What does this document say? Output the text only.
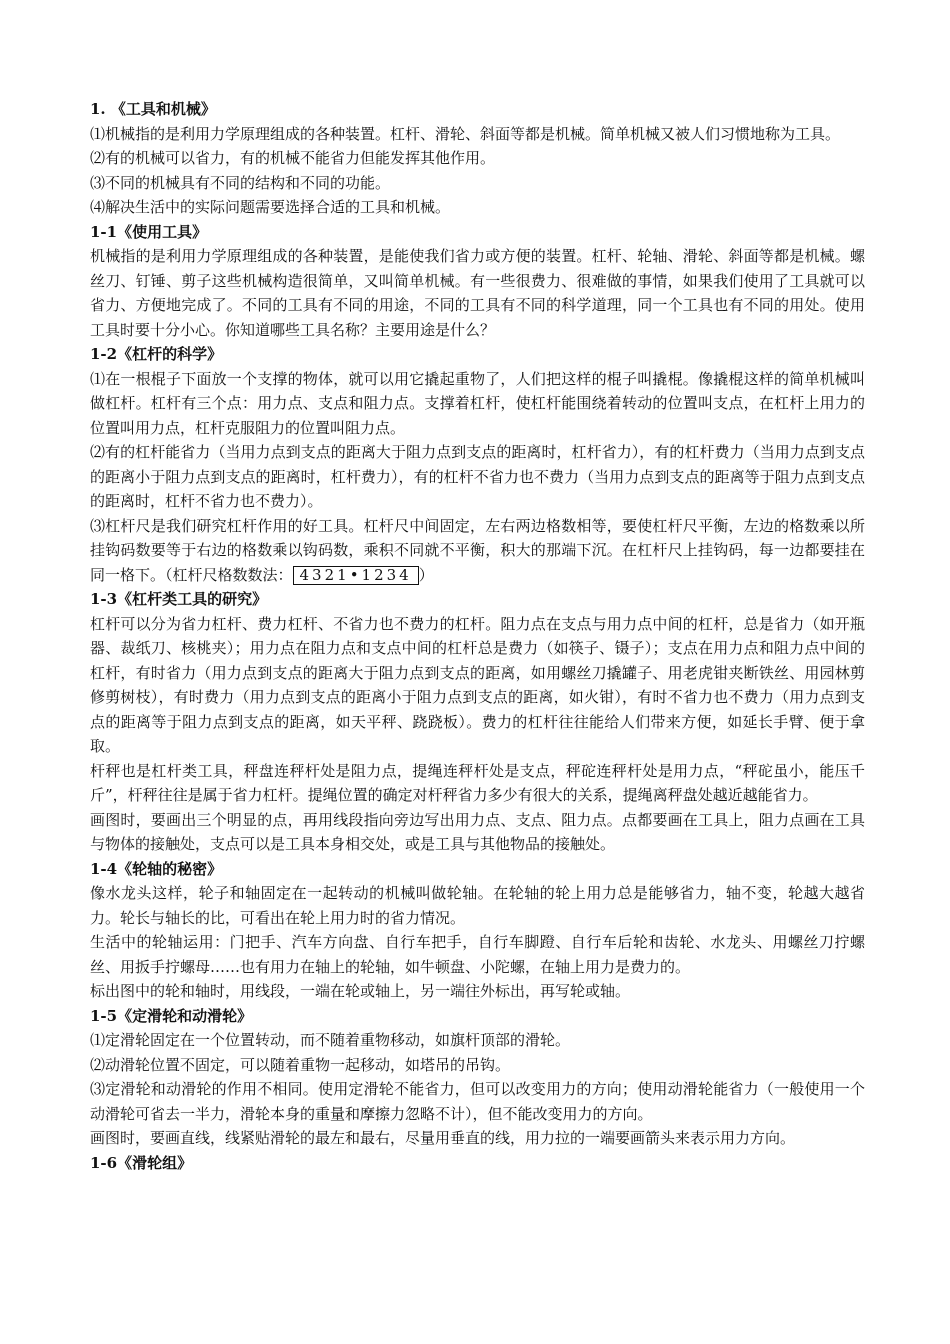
1. 《工具和机械》

⑴机械指的是利用力学原理组成的各种装置。杠杆、滑轮、斜面等都是机械。简单机械又被人们习惯地称为工具。

⑵有的机械可以省力，有的机械不能省力但能发挥其他作用。

⑶不同的机械具有不同的结构和不同的功能。

⑷解决生活中的实际问题需要选择合适的工具和机械。

1-1《使用工具》

机械指的是利用力学原理组成的各种装置，是能使我们省力或方便的装置。杠杆、轮轴、滑轮、斜面等都是机械。螺丝刀、钉锤、剪子这些机械构造很简单，又叫简单机械。有一些很费力、很难做的事情，如果我们使用了工具就可以省力、方便地完成了。不同的工具有不同的用途，不同的工具有不同的科学道理，同一个工具也有不同的用处。使用工具时要十分小心。你知道哪些工具名称？主要用途是什么？

1-2《杠杆的科学》

⑴在一根棍子下面放一个支撑的物体，就可以用它撬起重物了，人们把这样的棍子叫撬棍。像撬棍这样的简单机械叫做杠杆。杠杆有三个点：用力点、支点和阻力点。支撑着杠杆，使杠杆能围绕着转动的位置叫支点，在杠杆上用力的位置叫用力点，杠杆克服阻力的位置叫阻力点。

⑵有的杠杆能省力（当用力点到支点的距离大于阻力点到支点的距离时，杠杆省力），有的杠杆费力（当用力点到支点的距离小于阻力点到支点的距离时，杠杆费力），有的杠杆不省力也不费力（当用力点到支点的距离等于阻力点到支点的距离时，杠杆不省力也不费力）。

⑶杠杆尺是我们研究杠杆作用的好工具。杠杆尺中间固定，左右两边格数相等，要使杠杆尺平衡，左边的格数乘以所挂钩码数要等于右边的格数乘以钩码数，乘积不同就不平衡，积大的那端下沉。在杠杆尺上挂钩码，每一边都要挂在同一格下。（杠杆尺格数数法： 4321•1234 ）

1-3《杠杆类工具的研究》

杠杆可以分为省力杠杆、费力杠杆、不省力也不费力的杠杆。阻力点在支点与用力点中间的杠杆，总是省力（如开瓶器、裁纸刀、核桃夹）；用力点在阻力点和支点中间的杠杆总是费力（如筷子、镊子）；支点在用力点和阻力点中间的杠杆，有时省力（用力点到支点的距离大于阻力点到支点的距离，如用螺丝刀撬罐子、用老虎钳夹断铁丝、用园林剪修剪树枝），有时费力（用力点到支点的距离小于阻力点到支点的距离，如火钳），有时不省力也不费力（用力点到支点的距离等于阻力点到支点的距离，如天平秤、跷跷板）。费力的杠杆往往能给人们带来方便，如延长手臂、便于拿取。

杆秤也是杠杆类工具，秤盘连秤杆处是阻力点，提绳连秤杆处是支点，秤砣连秤杆处是用力点，“秤砣虽小，能压千斤”，杆秤往往是属于省力杠杆。提绳位置的确定对杆秤省力多少有很大的关系，提绳离秤盘处越近越能省力。

画图时，要画出三个明显的点，再用线段指向旁边写出用力点、支点、阻力点。点都要画在工具上，阻力点画在工具与物体的接触处，支点可以是工具本身相交处，或是工具与其他物品的接触处。

1-4《轮轴的秘密》

像水龙头这样，轮子和轴固定在一起转动的机械叫做轮轴。在轮轴的轮上用力总是能够省力，轴不变，轮越大越省力。轮长与轴长的比，可看出在轮上用力时的省力情况。

生活中的轮轴运用：门把手、汽车方向盘、自行车把手，自行车脚蹬、自行车后轮和齿轮、水龙头、用螺丝刀拧螺丝、用扳手拧螺母……也有用力在轴上的轮轴，如牛顿盘、小陀螺，在轴上用力是费力的。

标出图中的轮和轴时，用线段，一端在轮或轴上，另一端往外标出，再写轮或轴。

1-5《定滑轮和动滑轮》

⑴定滑轮固定在一个位置转动，而不随着重物移动，如旗杆顶部的滑轮。

⑵动滑轮位置不固定，可以随着重物一起移动，如塔吊的吊钩。

⑶定滑轮和动滑轮的作用不相同。使用定滑轮不能省力，但可以改变用力的方向；使用动滑轮能省力（一般使用一个动滑轮可省去一半力，滑轮本身的重量和摩擦力忽略不计），但不能改变用力的方向。

画图时，要画直线，线紧贴滑轮的最左和最右，尽量用垂直的线，用力拉的一端要画箭头来表示用力方向。

1-6《滑轮组》
